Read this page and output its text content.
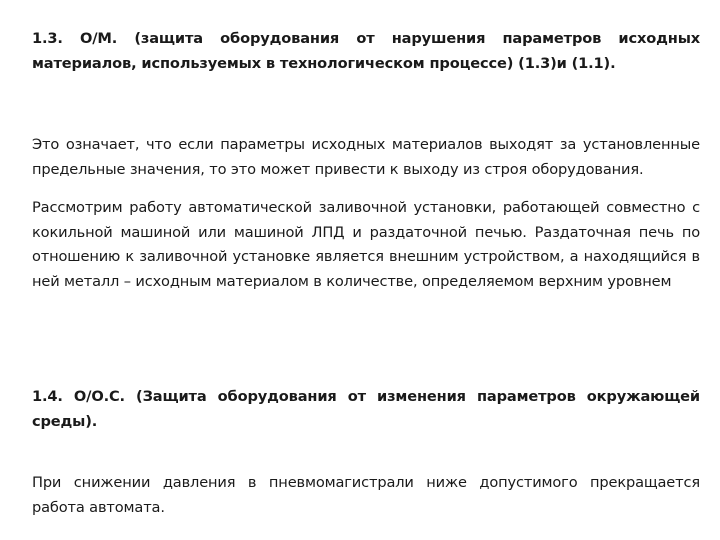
1.3. О/М. (защита оборудования от нарушения параметров исходных материалов, используемых в технологическом процессе) (1.3)и (1.1).

Это означает, что если параметры исходных материалов выходят за установленные предельные значения, то это может привести к выходу из строя оборудования.

Рассмотрим работу автоматической заливочной установки, работающей совместно с кокильной машиной или машиной ЛПД и раздаточной печью. Раздаточная печь по отношению к заливочной установке является внешним устройством, а находящийся в ней металл – исходным материалом в количестве, определяемом верхним уровнем

1.4. О/О.С. (Защита оборудования от изменения параметров окружающей среды).

При снижении давления в пневмомагистрали ниже допустимого прекращается работа автомата.
